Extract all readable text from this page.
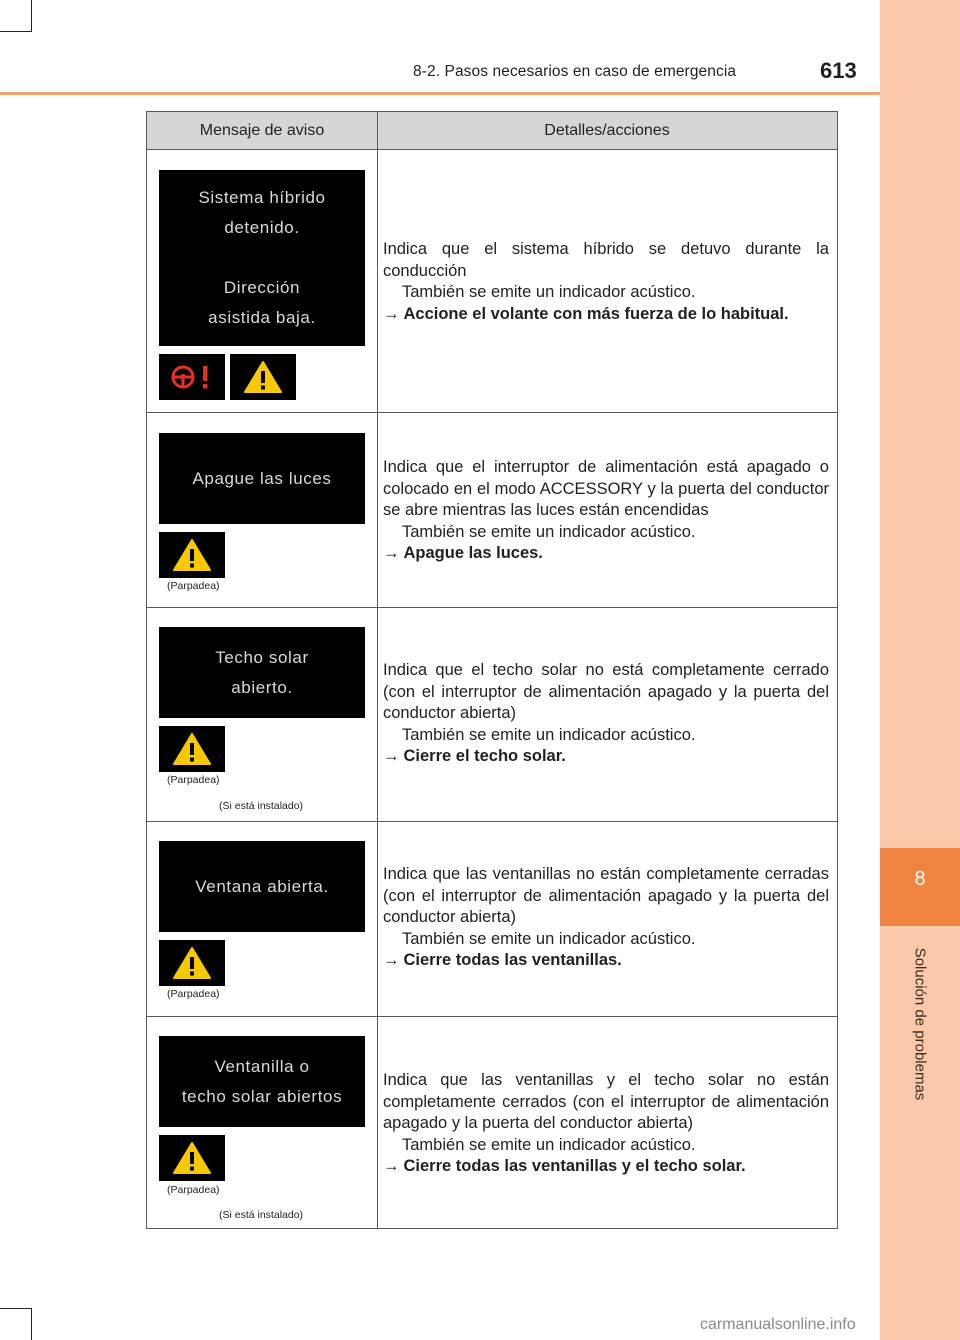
8
Solución de problemas
8-2. Pasos necesarios en caso de emergencia	613
Mensaje de aviso	Detalles/acciones
Sistema híbrido
detenido.

Dirección
asistida baja.

Indica que el sistema híbrido se detuvo durante la conducción

También se emite un indicador acústico.

→ Accione el volante con más fuerza de lo habitual.

Apague las luces
(Parpadea)

Indica que el interruptor de alimentación está apagado o colocado en el modo ACCESSORY y la puerta del conductor se abre mientras las luces están encendidas

También se emite un indicador acústico.

→ Apague las luces.

Techo solar
abierto.
(Parpadea)
(Si está instalado)

Indica que el techo solar no está completamente cerrado (con el interruptor de alimentación apagado y la puerta del conductor abierta)

También se emite un indicador acústico.

→ Cierre el techo solar.

Ventana abierta.
(Parpadea)

Indica que las ventanillas no están completamente cerradas (con el interruptor de alimentación apagado y la puerta del conductor abierta)

También se emite un indicador acústico.

→ Cierre todas las ventanillas.

Ventanilla o
techo solar abiertos
(Parpadea)
(Si está instalado)

Indica que las ventanillas y el techo solar no están completamente cerrados (con el interruptor de alimentación apagado y la puerta del conductor abierta)

También se emite un indicador acústico.

→ Cierre todas las ventanillas y el techo solar.

carmanualsonline.info
